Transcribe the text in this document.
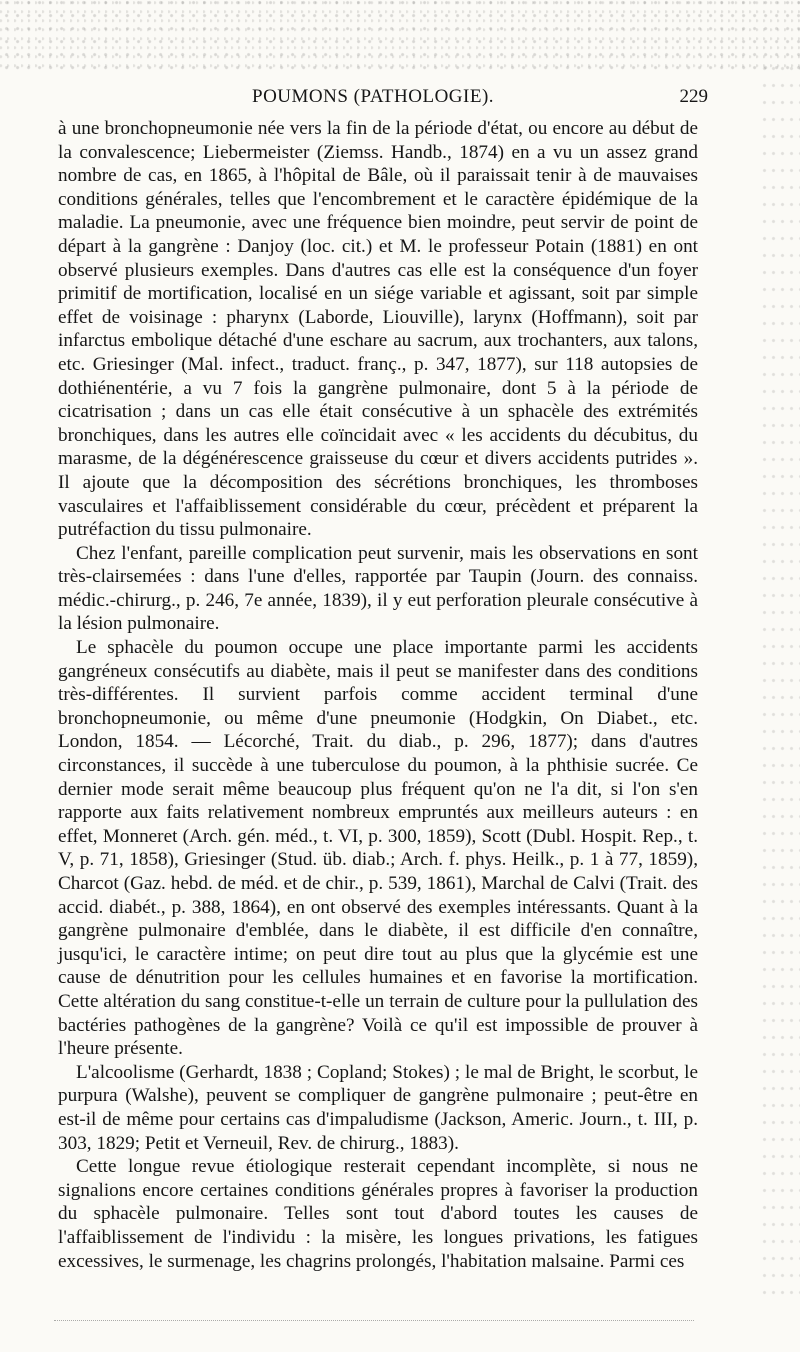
POUMONS (PATHOLOGIE).	229

à une bronchopneumonie née vers la fin de la période d'état, ou encore au début de la convalescence; Liebermeister (Ziemss. Handb., 1874) en a vu un assez grand nombre de cas, en 1865, à l'hôpital de Bâle, où il paraissait tenir à de mauvaises conditions générales, telles que l'encombrement et le caractère épidémique de la maladie. La pneumonie, avec une fréquence bien moindre, peut servir de point de départ à la gangrène : Danjoy (loc. cit.) et M. le professeur Potain (1881) en ont observé plusieurs exemples. Dans d'autres cas elle est la conséquence d'un foyer primitif de mortification, localisé en un siége variable et agissant, soit par simple effet de voisinage : pharynx (Laborde, Liouville), larynx (Hoffmann), soit par infarctus embolique détaché d'une eschare au sacrum, aux trochanters, aux talons, etc. Griesinger (Mal. infect., traduct. franç., p. 347, 1877), sur 118 autopsies de dothiénentérie, a vu 7 fois la gangrène pulmonaire, dont 5 à la période de cicatrisation ; dans un cas elle était consécutive à un sphacèle des extrémités bronchiques, dans les autres elle coïncidait avec « les accidents du décubitus, du marasme, de la dégénérescence graisseuse du cœur et divers accidents putrides ». Il ajoute que la décomposition des sécrétions bronchiques, les thromboses vasculaires et l'affaiblissement considérable du cœur, précèdent et préparent la putréfaction du tissu pulmonaire.

Chez l'enfant, pareille complication peut survenir, mais les observations en sont très-clairsemées : dans l'une d'elles, rapportée par Taupin (Journ. des connaiss. médic.-chirurg., p. 246, 7e année, 1839), il y eut perforation pleurale consécutive à la lésion pulmonaire.

Le sphacèle du poumon occupe une place importante parmi les accidents gangréneux consécutifs au diabète, mais il peut se manifester dans des conditions très-différentes. Il survient parfois comme accident terminal d'une bronchopneumonie, ou même d'une pneumonie (Hodgkin, On Diabet., etc. London, 1854. — Lécorché, Trait. du diab., p. 296, 1877); dans d'autres circonstances, il succède à une tuberculose du poumon, à la phthisie sucrée. Ce dernier mode serait même beaucoup plus fréquent qu'on ne l'a dit, si l'on s'en rapporte aux faits relativement nombreux empruntés aux meilleurs auteurs : en effet, Monneret (Arch. gén. méd., t. VI, p. 300, 1859), Scott (Dubl. Hospit. Rep., t. V, p. 71, 1858), Griesinger (Stud. üb. diab.; Arch. f. phys. Heilk., p. 1 à 77, 1859), Charcot (Gaz. hebd. de méd. et de chir., p. 539, 1861), Marchal de Calvi (Trait. des accid. diabét., p. 388, 1864), en ont observé des exemples intéressants. Quant à la gangrène pulmonaire d'emblée, dans le diabète, il est difficile d'en connaître, jusqu'ici, le caractère intime; on peut dire tout au plus que la glycémie est une cause de dénutrition pour les cellules humaines et en favorise la mortification. Cette altération du sang constitue-t-elle un terrain de culture pour la pullulation des bactéries pathogènes de la gangrène? Voilà ce qu'il est impossible de prouver à l'heure présente.

L'alcoolisme (Gerhardt, 1838 ; Copland; Stokes) ; le mal de Bright, le scorbut, le purpura (Walshe), peuvent se compliquer de gangrène pulmonaire ; peut-être en est-il de même pour certains cas d'impaludisme (Jackson, Americ. Journ., t. III, p. 303, 1829; Petit et Verneuil, Rev. de chirurg., 1883).

Cette longue revue étiologique resterait cependant incomplète, si nous ne signalions encore certaines conditions générales propres à favoriser la production du sphacèle pulmonaire. Telles sont tout d'abord toutes les causes de l'affaiblissement de l'individu : la misère, les longues privations, les fatigues excessives, le surmenage, les chagrins prolongés, l'habitation malsaine. Parmi ces
